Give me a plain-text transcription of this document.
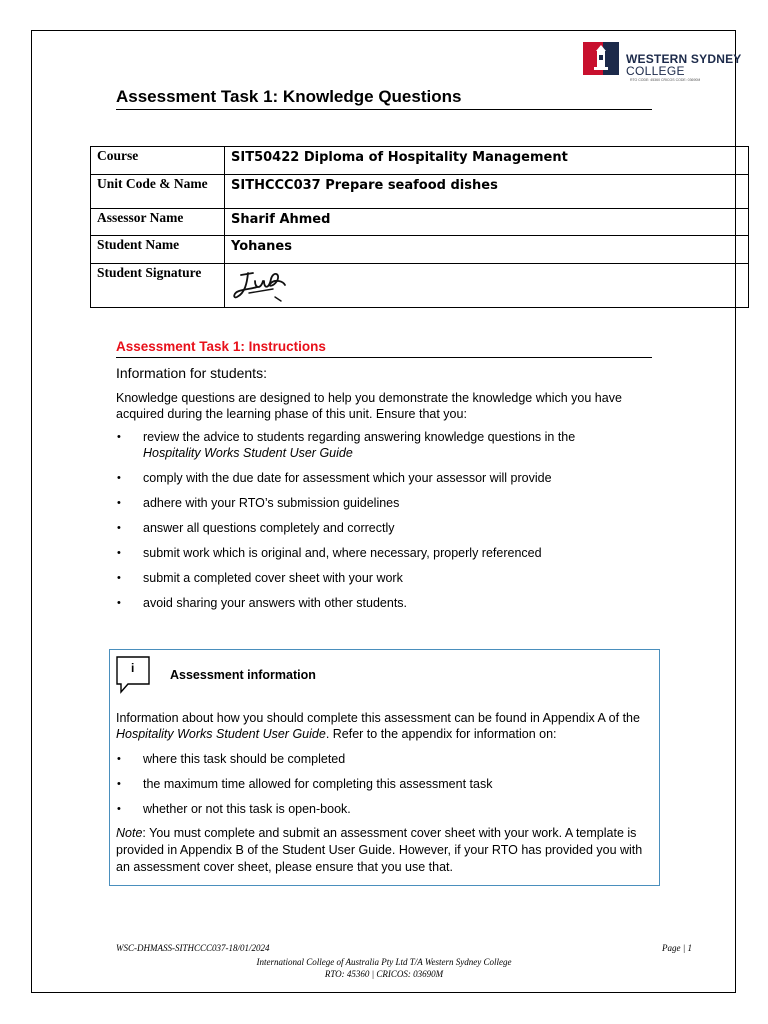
WESTERN SYDNEY
COLLEGE
RTO CODE: 45360 CRICOS CODE: 03690M
Assessment Task 1: Knowledge Questions
Course	SIT50422 Diploma of Hospitality Management
Unit Code & Name	SITHCCC037 Prepare seafood dishes
Assessor Name	Sharif Ahmed
Student Name	Yohanes
Student Signature	
Assessment Task 1: Instructions
Information for students:
Knowledge questions are designed to help you demonstrate the knowledge which you have acquired during the learning phase of this unit. Ensure that you:
• review the advice to students regarding answering knowledge questions in the
Hospitality Works Student User Guide
• comply with the due date for assessment which your assessor will provide
• adhere with your RTO’s submission guidelines
• answer all questions completely and correctly
• submit work which is original and, where necessary, properly referenced
• submit a completed cover sheet with your work
• avoid sharing your answers with other students.
i	Assessment information
Information about how you should complete this assessment can be found in Appendix A of the Hospitality Works Student User Guide. Refer to the appendix for information on:
• where this task should be completed
• the maximum time allowed for completing this assessment task
• whether or not this task is open-book.
Note: You must complete and submit an assessment cover sheet with your work. A template is provided in Appendix B of the Student User Guide. However, if your RTO has provided you with an assessment cover sheet, please ensure that you use that.
WSC-DHMASS-SITHCCC037-18/01/2024	Page | 1
International College of Australia Pty Ltd T/A Western Sydney College
RTO: 45360 | CRICOS: 03690M
